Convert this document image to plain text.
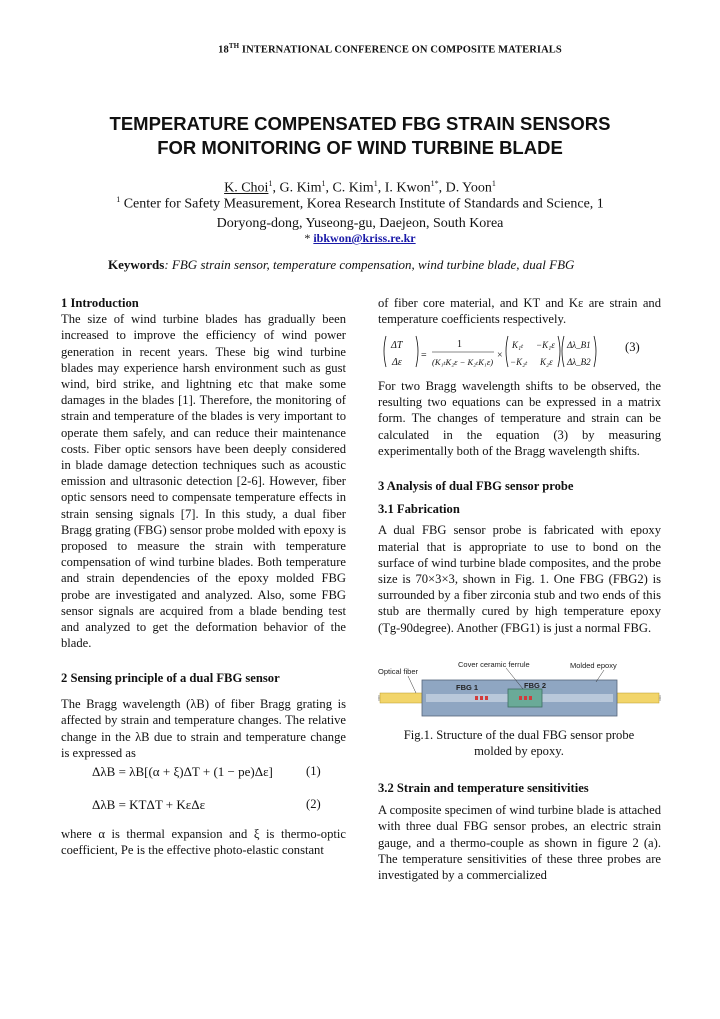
18TH INTERNATIONAL CONFERENCE ON COMPOSITE MATERIALS
TEMPERATURE COMPENSATED FBG STRAIN SENSORS
FOR MONITORING OF WIND TURBINE BLADE
K. Choi$^1$, G. Kim$^1$, C. Kim$^1$, I. Kwon$^{1*}$, D. Yoon$^1$
$^1$ Center for Safety Measurement, Korea Research Institute of Standards and Science, 1
Doryong-dong, Yuseong-gu, Daejeon, South Korea
* ibkwon@kriss.re.kr
Keywords: FBG strain sensor, temperature compensation, wind turbine blade, dual FBG
1 Introduction
The size of wind turbine blades has gradually been increased to improve the efficiency of wind power generation in recent years. These big wind turbine blades may experience harsh environment such as gust wind, bird strike, and lightning etc that make some damages in the blades [1]. Therefore, the monitoring of strain and temperature of the blades is very important to operate them safely, and can reduce their maintenance costs. Fiber optic sensors have been deeply considered in blade damage detection techniques such as acoustic emission and ultrasonic detection [2-6]. However, fiber optic sensors need to compensate temperature effects in strain sensing signals [7]. In this study, a dual fiber Bragg grating (FBG) sensor probe molded with epoxy is proposed to measure the strain with temperature compensation of wind turbine blades. Both temperature and strain dependencies of the epoxy molded FBG probe are investigated and analyzed. Also, some FBG sensor signals are acquired from a blade bending test and analyzed to get the deformation behavior of the blade.
2 Sensing principle of a dual FBG sensor
The Bragg wavelength (λB) of fiber Bragg grating is affected by strain and temperature changes. The relative change in the λB due to strain and temperature change is expressed as
ΔλB = λB[(α + ξ)ΔT + (1 − pe)Δε]	(1)
ΔλB = KTΔT + KεΔε	(2)
where α is thermal expansion and ξ is thermo-optic coefficient, Pe is the effective photo-elastic constant
of fiber core material, and KT and Kε are strain and temperature coefficients respectively.
ΔT
Δε
=
1
(K₁ₜK₂ε − K₂ₜK₁ε)
×
K₁ₜ −K₁ε
−K₂ₜ K₂ε
Δλ_B1
Δλ_B2
(3)
For two Bragg wavelength shifts to be observed, the resulting two equations can be expressed in a matrix form. The changes of temperature and strain can be calculated in the equation (3) by measuring experimentally both of the Bragg wavelength shifts.
3 Analysis of dual FBG sensor probe
3.1 Fabrication
A dual FBG sensor probe is fabricated with epoxy material that is appropriate to use to bond on the surface of wind turbine blade composites, and the probe size is 70×3×3, shown in Fig. 1. One FBG (FBG2) is surrounded by a fiber zirconia stub and two ends of this stub are thermally cured by high temperature epoxy (Tg-90degree). Another (FBG1) is just a normal FBG.
Optical fiber
Cover ceramic ferrule	Molded epoxy
FBG 1	FBG 2
Fig.1. Structure of the dual FBG sensor probe molded by epoxy.
3.2 Strain and temperature sensitivities
A composite specimen of wind turbine blade is attached with three dual FBG sensor probes, an electric strain gauge, and a thermo-couple as shown in figure 2 (a). The temperature sensitivities of these three probes are investigated by a commercialized
